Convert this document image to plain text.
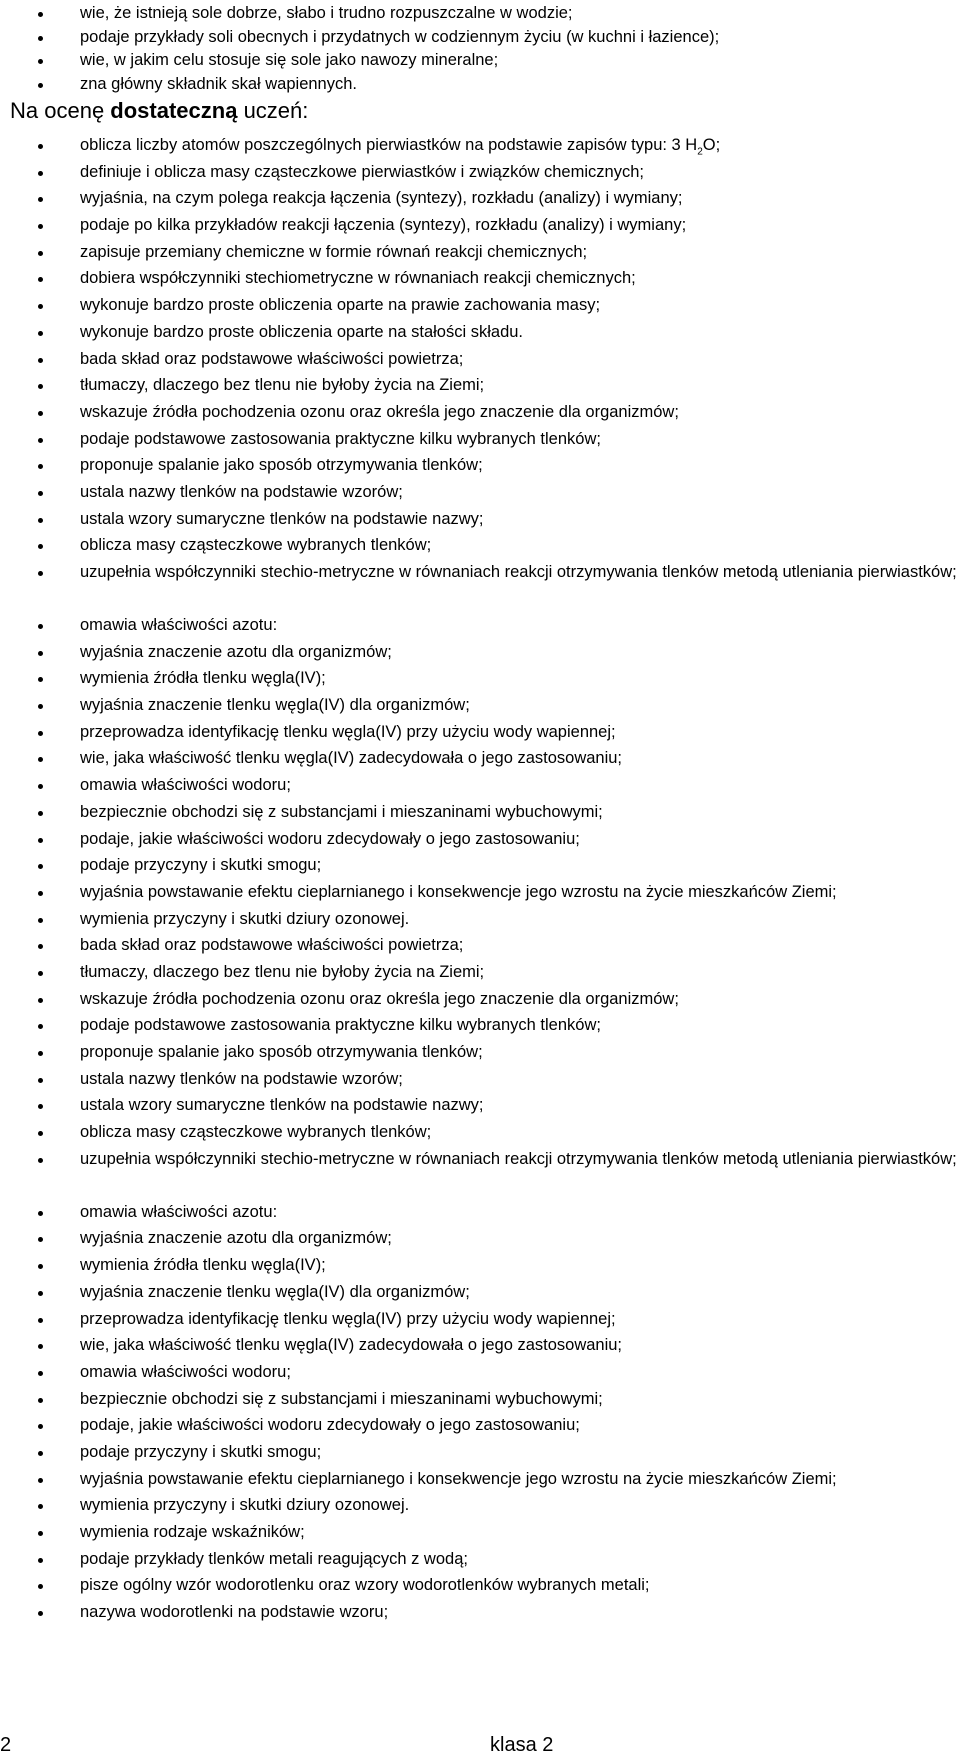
wie, że istnieją sole dobrze, słabo i trudno rozpuszczalne w wodzie;
podaje przykłady soli obecnych i przydatnych w codziennym życiu (w kuchni i łazience);
wie, w jakim celu stosuje się sole jako nawozy mineralne;
zna główny składnik skał wapiennych.
Na ocenę dostateczną uczeń:
oblicza liczby atomów poszczególnych pierwiastków na podstawie zapisów typu: 3 $H_2O$;
definiuje i oblicza masy cząsteczkowe pierwiastków i związków chemicznych;
wyjaśnia, na czym polega reakcja łączenia (syntezy), rozkładu (analizy) i wymiany;
podaje po kilka przykładów reakcji łączenia (syntezy), rozkładu (analizy) i wymiany;
zapisuje przemiany chemiczne w formie równań reakcji chemicznych;
dobiera współczynniki stechiometryczne w równaniach reakcji chemicznych;
wykonuje bardzo proste obliczenia oparte na prawie zachowania masy;
wykonuje bardzo proste obliczenia oparte na stałości składu.
bada skład oraz podstawowe właściwości powietrza;
tłumaczy, dlaczego bez tlenu nie byłoby życia na Ziemi;
wskazuje źródła pochodzenia ozonu oraz określa jego znaczenie dla organizmów;
podaje podstawowe zastosowania praktyczne kilku wybranych tlenków;
proponuje spalanie jako sposób otrzymywania tlenków;
ustala nazwy tlenków na podstawie wzorów;
ustala wzory sumaryczne tlenków na podstawie nazwy;
oblicza masy cząsteczkowe wybranych tlenków;
uzupełnia współczynniki stechio-metryczne w równaniach reakcji otrzymywania tlenków metodą utleniania pierwiastków;
omawia właściwości azotu:
wyjaśnia znaczenie azotu dla organizmów;
wymienia źródła tlenku węgla(IV);
wyjaśnia znaczenie tlenku węgla(IV) dla organizmów;
przeprowadza identyfikację tlenku węgla(IV) przy użyciu wody wapiennej;
wie, jaka właściwość tlenku węgla(IV) zadecydowała o jego zastosowaniu;
omawia właściwości wodoru;
bezpiecznie obchodzi się z substancjami i mieszaninami wybuchowymi;
podaje, jakie właściwości wodoru zdecydowały o jego zastosowaniu;
podaje przyczyny i skutki smogu;
wyjaśnia powstawanie efektu cieplarnianego i konsekwencje jego wzrostu na życie mieszkańców Ziemi;
wymienia przyczyny i skutki dziury ozonowej.
bada skład oraz podstawowe właściwości powietrza;
tłumaczy, dlaczego bez tlenu nie byłoby życia na Ziemi;
wskazuje źródła pochodzenia ozonu oraz określa jego znaczenie dla organizmów;
podaje podstawowe zastosowania praktyczne kilku wybranych tlenków;
proponuje spalanie jako sposób otrzymywania tlenków;
ustala nazwy tlenków na podstawie wzorów;
ustala wzory sumaryczne tlenków na podstawie nazwy;
oblicza masy cząsteczkowe wybranych tlenków;
uzupełnia współczynniki stechio-metryczne w równaniach reakcji otrzymywania tlenków metodą utleniania pierwiastków;
omawia właściwości azotu:
wyjaśnia znaczenie azotu dla organizmów;
wymienia źródła tlenku węgla(IV);
wyjaśnia znaczenie tlenku węgla(IV) dla organizmów;
przeprowadza identyfikację tlenku węgla(IV) przy użyciu wody wapiennej;
wie, jaka właściwość tlenku węgla(IV) zadecydowała o jego zastosowaniu;
omawia właściwości wodoru;
bezpiecznie obchodzi się z substancjami i mieszaninami wybuchowymi;
podaje, jakie właściwości wodoru zdecydowały o jego zastosowaniu;
podaje przyczyny i skutki smogu;
wyjaśnia powstawanie efektu cieplarnianego i konsekwencje jego wzrostu na życie mieszkańców Ziemi;
wymienia przyczyny i skutki dziury ozonowej.
wymienia rodzaje wskaźników;
podaje przykłady tlenków metali reagujących z wodą;
pisze ogólny wzór wodorotlenku oraz wzory wodorotlenków wybranych metali;
nazywa wodorotlenki na podstawie wzoru;
2	klasa 2
